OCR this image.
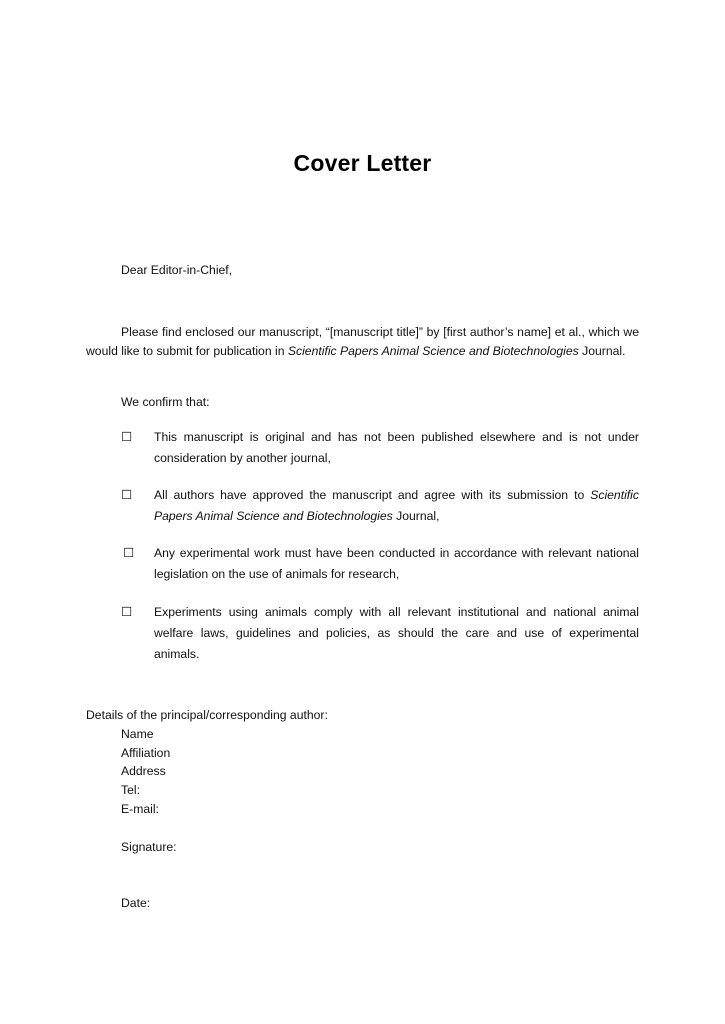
Cover Letter
Dear Editor-in-Chief,
Please find enclosed our manuscript, “[manuscript title]” by [first author’s name] et al., which we would like to submit for publication in Scientific Papers Animal Science and Biotechnologies Journal.
We confirm that:
☐ This manuscript is original and has not been published elsewhere and is not under consideration by another journal,
☐ All authors have approved the manuscript and agree with its submission to Scientific Papers Animal Science and Biotechnologies Journal,
☐ Any experimental work must have been conducted in accordance with relevant national legislation on the use of animals for research,
☐ Experiments using animals comply with all relevant institutional and national animal welfare laws, guidelines and policies, as should the care and use of experimental animals.
Details of the principal/corresponding author:
Name
Affiliation
Address
Tel:
E-mail:
Signature:
Date:
